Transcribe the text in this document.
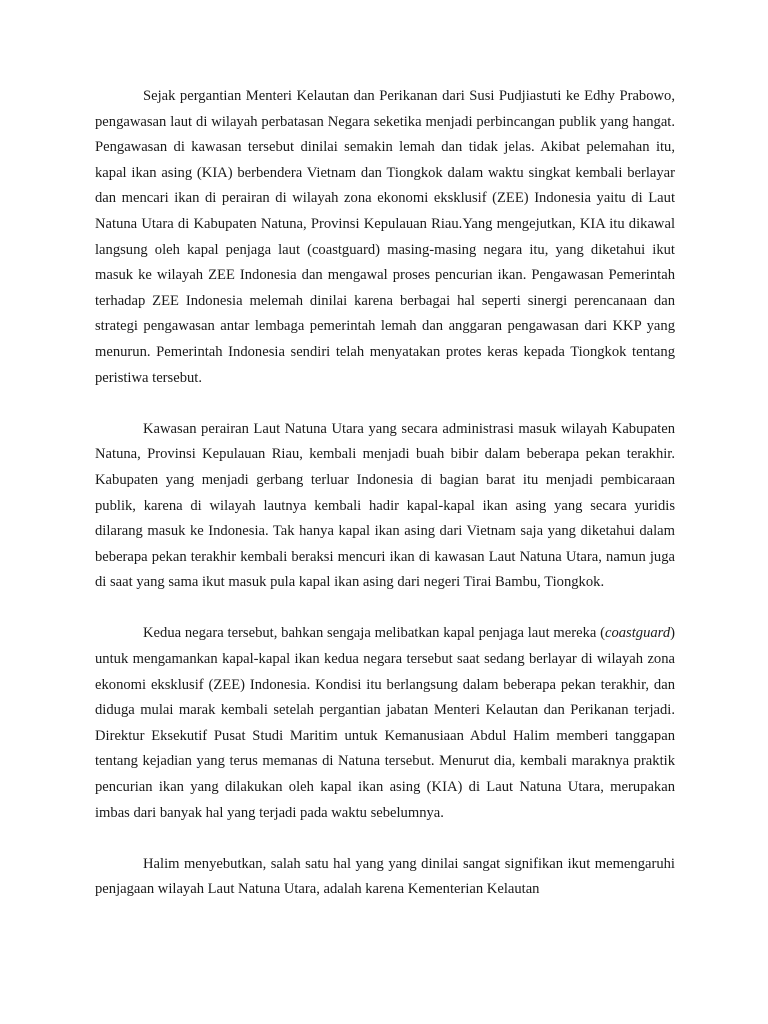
Sejak pergantian Menteri Kelautan dan Perikanan dari Susi Pudjiastuti ke Edhy Prabowo, pengawasan laut di wilayah perbatasan Negara seketika menjadi perbincangan publik yang hangat. Pengawasan di kawasan tersebut dinilai semakin lemah dan tidak jelas. Akibat pelemahan itu, kapal ikan asing (KIA) berbendera Vietnam dan Tiongkok dalam waktu singkat kembali berlayar dan mencari ikan di perairan di wilayah zona ekonomi eksklusif (ZEE) Indonesia yaitu di Laut Natuna Utara di Kabupaten Natuna, Provinsi Kepulauan Riau.Yang mengejutkan, KIA itu dikawal langsung oleh kapal penjaga laut (coastguard) masing-masing negara itu, yang diketahui ikut masuk ke wilayah ZEE Indonesia dan mengawal proses pencurian ikan. Pengawasan Pemerintah terhadap ZEE Indonesia melemah dinilai karena berbagai hal seperti sinergi perencanaan dan strategi pengawasan antar lembaga pemerintah lemah dan anggaran pengawasan dari KKP yang menurun. Pemerintah Indonesia sendiri telah menyatakan protes keras kepada Tiongkok tentang peristiwa tersebut.

Kawasan perairan Laut Natuna Utara yang secara administrasi masuk wilayah Kabupaten Natuna, Provinsi Kepulauan Riau, kembali menjadi buah bibir dalam beberapa pekan terakhir. Kabupaten yang menjadi gerbang terluar Indonesia di bagian barat itu menjadi pembicaraan publik, karena di wilayah lautnya kembali hadir kapal-kapal ikan asing yang secara yuridis dilarang masuk ke Indonesia. Tak hanya kapal ikan asing dari Vietnam saja yang diketahui dalam beberapa pekan terakhir kembali beraksi mencuri ikan di kawasan Laut Natuna Utara, namun juga di saat yang sama ikut masuk pula kapal ikan asing dari negeri Tirai Bambu, Tiongkok.

Kedua negara tersebut, bahkan sengaja melibatkan kapal penjaga laut mereka (coastguard) untuk mengamankan kapal-kapal ikan kedua negara tersebut saat sedang berlayar di wilayah zona ekonomi eksklusif (ZEE) Indonesia. Kondisi itu berlangsung dalam beberapa pekan terakhir, dan diduga mulai marak kembali setelah pergantian jabatan Menteri Kelautan dan Perikanan terjadi. Direktur Eksekutif Pusat Studi Maritim untuk Kemanusiaan Abdul Halim memberi tanggapan tentang kejadian yang terus memanas di Natuna tersebut. Menurut dia, kembali maraknya praktik pencurian ikan yang dilakukan oleh kapal ikan asing (KIA) di Laut Natuna Utara, merupakan imbas dari banyak hal yang terjadi pada waktu sebelumnya.

Halim menyebutkan, salah satu hal yang yang dinilai sangat signifikan ikut memengaruhi penjagaan wilayah Laut Natuna Utara, adalah karena Kementerian Kelautan
